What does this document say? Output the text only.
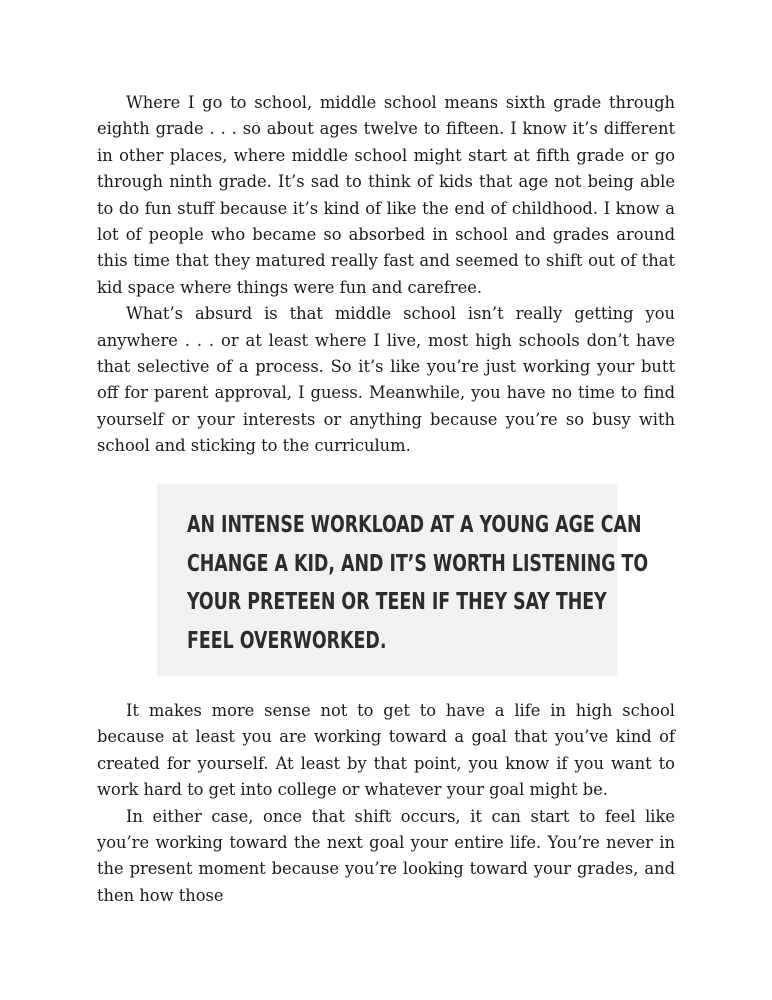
Where I go to school, middle school means sixth grade through eighth grade . . . so about ages twelve to fifteen. I know it’s different in other places, where middle school might start at fifth grade or go through ninth grade. It’s sad to think of kids that age not being able to do fun stuff because it’s kind of like the end of childhood. I know a lot of people who became so absorbed in school and grades around this time that they matured really fast and seemed to shift out of that kid space where things were fun and carefree.

What’s absurd is that middle school isn’t really getting you anywhere . . . or at least where I live, most high schools don’t have that selective of a process. So it’s like you’re just working your butt off for parent approval, I guess. Meanwhile, you have no time to find yourself or your interests or anything because you’re so busy with school and sticking to the curriculum.

AN INTENSE WORKLOAD AT A YOUNG AGE CAN
CHANGE A KID, AND IT’S WORTH LISTENING TO
YOUR PRETEEN OR TEEN IF THEY SAY THEY
FEEL OVERWORKED.

It makes more sense not to get to have a life in high school because at least you are working toward a goal that you’ve kind of created for yourself. At least by that point, you know if you want to work hard to get into college or whatever your goal might be.

In either case, once that shift occurs, it can start to feel like you’re working toward the next goal your entire life. You’re never in the present moment because you’re looking toward your grades, and then how those
